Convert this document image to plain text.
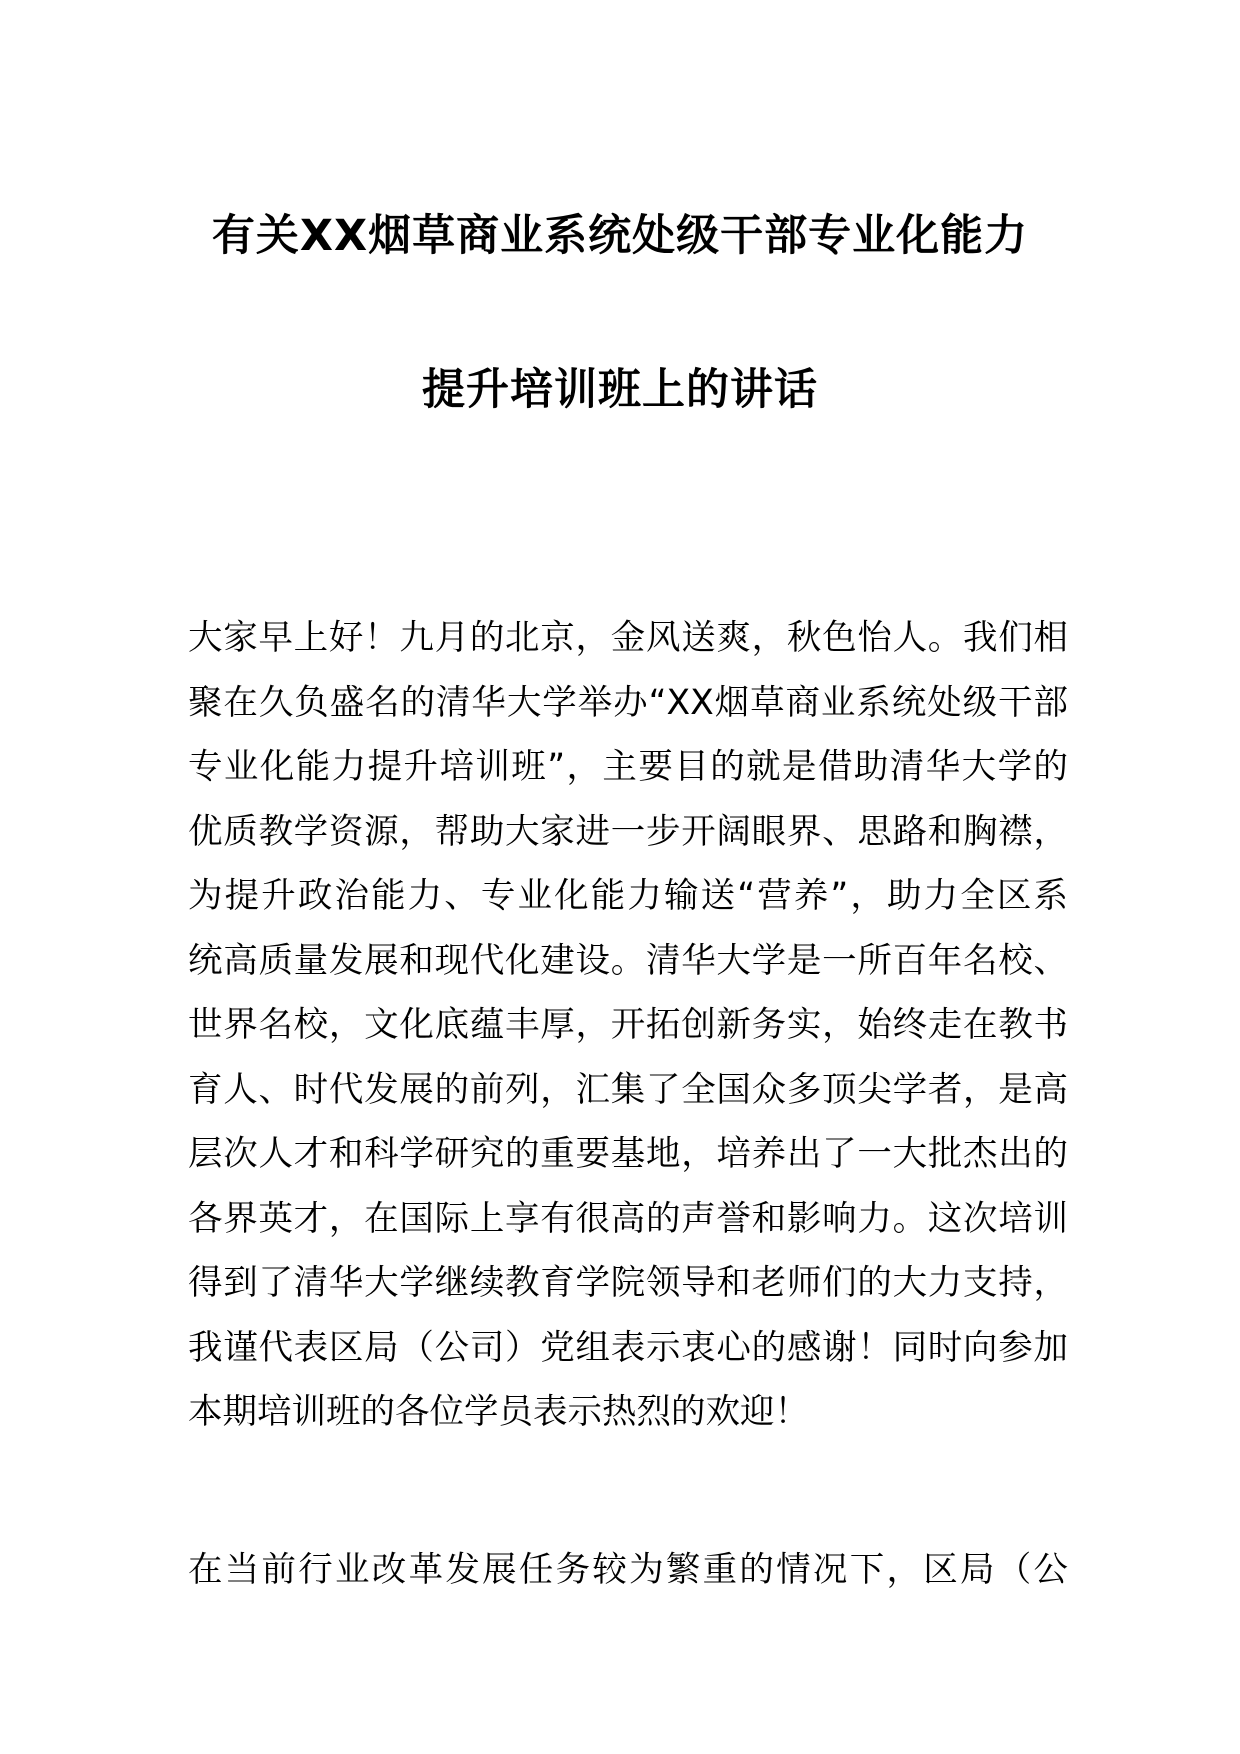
有关XX烟草商业系统处级干部专业化能力
提升培训班上的讲话
大家早上好！九月的北京，金风送爽，秋色怡人。我们相
聚在久负盛名的清华大学举办“XX烟草商业系统处级干部
专业化能力提升培训班”，主要目的就是借助清华大学的
优质教学资源，帮助大家进一步开阔眼界、思路和胸襟，
为提升政治能力、专业化能力输送“营养”，助力全区系
统高质量发展和现代化建设。清华大学是一所百年名校、
世界名校，文化底蕴丰厚，开拓创新务实，始终走在教书
育人、时代发展的前列，汇集了全国众多顶尖学者，是高
层次人才和科学研究的重要基地，培养出了一大批杰出的
各界英才，在国际上享有很高的声誉和影响力。这次培训
得到了清华大学继续教育学院领导和老师们的大力支持，
我谨代表区局（公司）党组表示衷心的感谢！同时向参加
本期培训班的各位学员表示热烈的欢迎！
在当前行业改革发展任务较为繁重的情况下，区局（公
